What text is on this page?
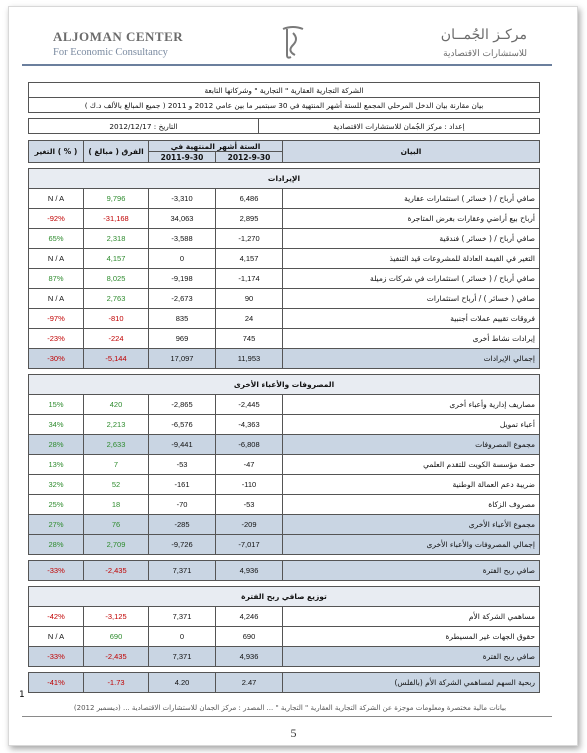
ALJOMAN CENTER
For Economic Consultancy
مركـز الجُمــان
للاستشارات الاقتصادية
الشركة التجارية العقارية " التجارية " وشركاتها التابعة
بيان مقارنة بيان الدخل المرحلي المجمع للستة أشهر المنتهية في 30 سبتمبر ما بين عامي 2012 و 2011 ( جميع المبالغ بالألف د.ك )
التاريخ : 2012/12/17	إعداد : مركز الجُمان للاستشارات الاقتصادية
التغير ( % )	الفرق ( مبالغ )	الستة أشهر المنتهية في		البيان
		2011-9-30	2012-9-30	

الإيرادات				
N / A	9,796	-3,310	6,486	صافي أرباح / ( خسائر ) استثمارات عقارية
-92%	-31,168	34,063	2,895	أرباح بيع أراضي وعقارات بغرض المتاجرة
65%	2,318	-3,588	-1,270	صافي أرباح / ( خسائر ) فندقية
N / A	4,157	0	4,157	التغير في القيمة العادلة للمشروعات قيد التنفيذ
87%	8,025	-9,198	-1,174	صافي أرباح / ( خسائر ) استثمارات في شركات زميلة
N / A	2,763	-2,673	90	صافي ( خسائر ) / أرباح استثمارات
-97%	-810	835	24	فروقات تقييم عملات أجنبية
-23%	-224	969	745	إيرادات نشاط أخرى
-30%	-5,144	17,097	11,953	إجمالي الإيرادات

المصروفات والأعباء الأخرى				
15%	420	-2,865	-2,445	مصاريف إدارية وأعباء أخرى
34%	2,213	-6,576	-4,363	أعباء تمويل
28%	2,633	-9,441	-6,808	مجموع المصروفات
13%	7	-53	-47	حصة مؤسسة الكويت للتقدم العلمي
32%	52	-161	-110	ضريبة دعم العمالة الوطنية
25%	18	-70	-53	مصروف الزكاة
27%	76	-285	-209	مجموع الأعباء الأخرى
28%	2,709	-9,726	-7,017	إجمالي المصروفات والأعباء الأخرى

-33%	-2,435	7,371	4,936	صافي ربح الفترة

توزيع صافي ربح الفترة				
-42%	-3,125	7,371	4,246	مساهمي الشركة الأم
N / A	690	0	690	حقوق الجهات غير المسيطرة
-33%	-2,435	7,371	4,936	صافي ربح الفترة

-41%	-1.73	4.20	2.47	ربحية السهم لمساهمي الشركة الأم (بالفلس)
1
بيانات مالية مختصرة ومعلومات موجزة عن الشركة التجارية العقارية " التجارية " ... المصدر : مركز الجمان للاستشارات الاقتصادية ... (ديسمبر 2012)
5
